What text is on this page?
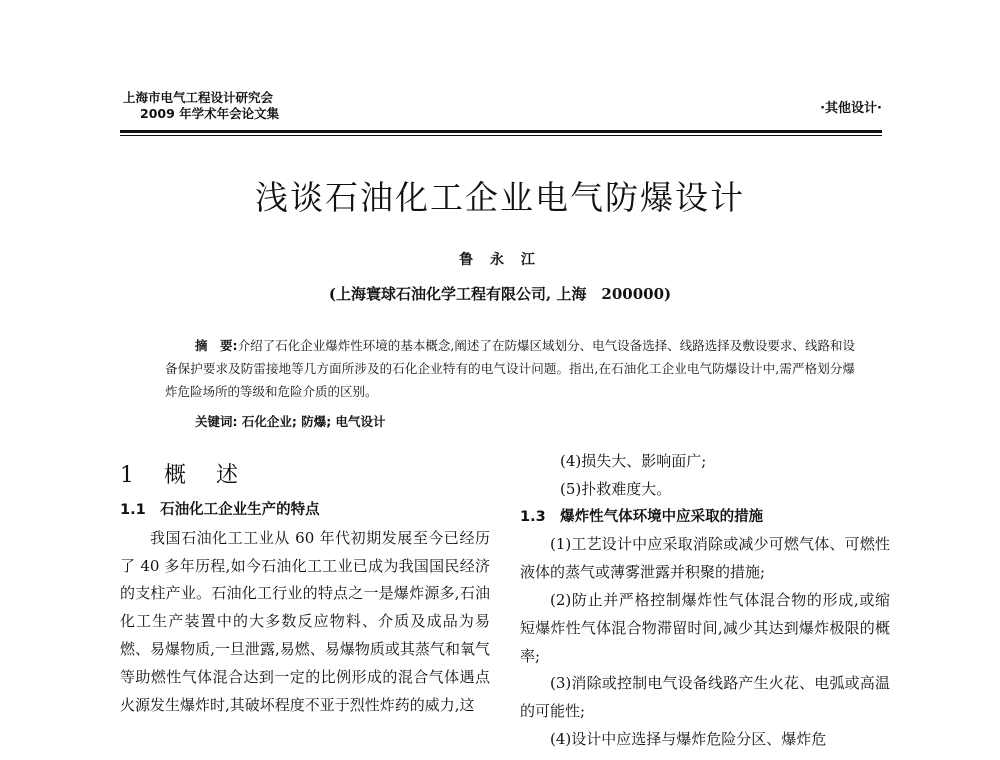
上海市电气工程设计研究会
2009 年学术年会论文集	·其他设计·
浅谈石油化工企业电气防爆设计
鲁 永 江
(上海寰球石油化学工程有限公司, 上海　200000)
摘　要:介绍了石化企业爆炸性环境的基本概念,阐述了在防爆区域划分、电气设备选择、线路选择及敷设要求、线路和设备保护要求及防雷接地等几方面所涉及的石化企业特有的电气设计问题。指出,在石油化工企业电气防爆设计中,需严格划分爆炸危险场所的等级和危险介质的区别。
关键词: 石化企业; 防爆; 电气设计
1　概　述

1.1　石油化工企业生产的特点

我国石油化工工业从 60 年代初期发展至今已经历了 40 多年历程,如今石油化工工业已成为我国国民经济的支柱产业。石油化工行业的特点之一是爆炸源多,石油化工生产装置中的大多数反应物料、介质及成品为易燃、易爆物质,一旦泄露,易燃、易爆物质或其蒸气和氧气等助燃性气体混合达到一定的比例形成的混合气体遇点火源发生爆炸时,其破坏程度不亚于烈性炸药的威力,这

(4)损失大、影响面广;

(5)扑救难度大。

1.3　爆炸性气体环境中应采取的措施

(1)工艺设计中应采取消除或减少可燃气体、可燃性液体的蒸气或薄雾泄露并积聚的措施;

(2)防止并严格控制爆炸性气体混合物的形成,或缩短爆炸性气体混合物滞留时间,减少其达到爆炸极限的概率;

(3)消除或控制电气设备线路产生火花、电弧或高温的可能性;

(4)设计中应选择与爆炸危险分区、爆炸危
